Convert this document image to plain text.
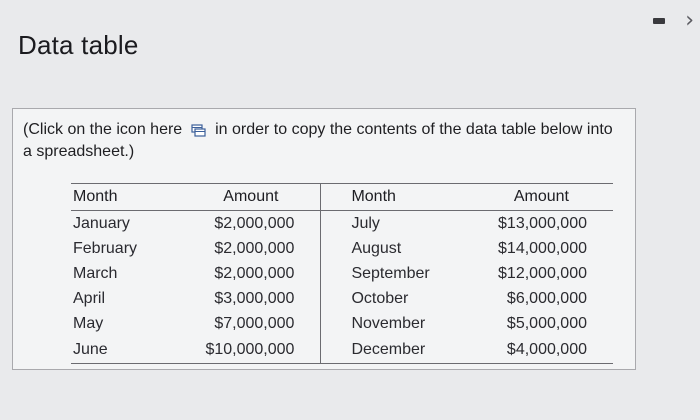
›
Data table
(Click on the icon here in order to copy the contents of the data table below into a spreadsheet.)
Month	Amount	Month	Amount
January	$2,000,000	July	$13,000,000
February	$2,000,000	August	$14,000,000
March	$2,000,000	September	$12,000,000
April	$3,000,000	October	$6,000,000
May	$7,000,000	November	$5,000,000
June	$10,000,000	December	$4,000,000
